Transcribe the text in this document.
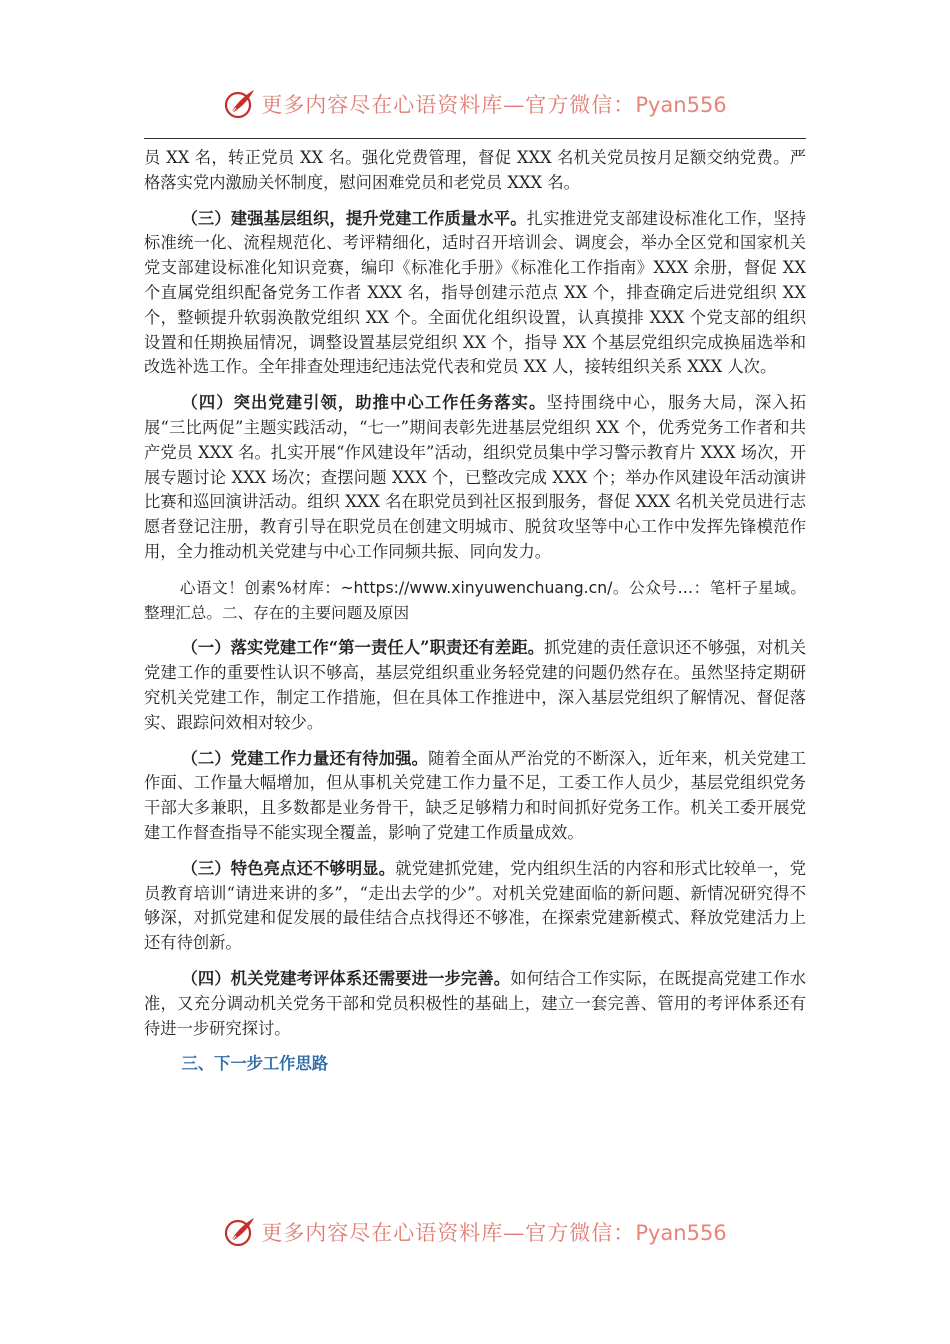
更多内容尽在心语资料库—官方微信：Pyan556

员 XX 名，转正党员 XX 名。强化党费管理，督促 XXX 名机关党员按月足额交纳党费。严格落实党内激励关怀制度，慰问困难党员和老党员 XXX 名。

（三）建强基层组织，提升党建工作质量水平。扎实推进党支部建设标准化工作，坚持标准统一化、流程规范化、考评精细化，适时召开培训会、调度会，举办全区党和国家机关党支部建设标准化知识竞赛，编印《标准化手册》《标准化工作指南》XXX 余册，督促 XX 个直属党组织配备党务工作者 XXX 名，指导创建示范点 XX 个，排查确定后进党组织 XX 个，整顿提升软弱涣散党组织 XX 个。全面优化组织设置，认真摸排 XXX 个党支部的组织设置和任期换届情况，调整设置基层党组织 XX 个，指导 XX 个基层党组织完成换届选举和改选补选工作。全年排查处理违纪违法党代表和党员 XX 人，接转组织关系 XXX 人次。

（四）突出党建引领，助推中心工作任务落实。坚持围绕中心，服务大局，深入拓展“三比两促”主题实践活动，“七一”期间表彰先进基层党组织 XX 个，优秀党务工作者和共产党员 XXX 名。扎实开展“作风建设年”活动，组织党员集中学习警示教育片 XXX 场次，开展专题讨论 XXX 场次；查摆问题 XXX 个，已整改完成 XXX 个；举办作风建设年活动演讲比赛和巡回演讲活动。组织 XXX 名在职党员到社区报到服务，督促 XXX 名机关党员进行志愿者登记注册，教育引导在职党员在创建文明城市、脱贫攻坚等中心工作中发挥先锋模范作用，全力推动机关党建与中心工作同频共振、同向发力。

心语文！创素%材库：~https://www.xinyuwenchuang.cn/。公众号…：笔杆子星域。整理汇总。二、存在的主要问题及原因

（一）落实党建工作“第一责任人”职责还有差距。抓党建的责任意识还不够强，对机关党建工作的重要性认识不够高，基层党组织重业务轻党建的问题仍然存在。虽然坚持定期研究机关党建工作，制定工作措施，但在具体工作推进中，深入基层党组织了解情况、督促落实、跟踪问效相对较少。

（二）党建工作力量还有待加强。随着全面从严治党的不断深入，近年来，机关党建工作面、工作量大幅增加，但从事机关党建工作力量不足，工委工作人员少，基层党组织党务干部大多兼职，且多数都是业务骨干，缺乏足够精力和时间抓好党务工作。机关工委开展党建工作督查指导不能实现全覆盖，影响了党建工作质量成效。

（三）特色亮点还不够明显。就党建抓党建，党内组织生活的内容和形式比较单一，党员教育培训“请进来讲的多”，“走出去学的少”。对机关党建面临的新问题、新情况研究得不够深，对抓党建和促发展的最佳结合点找得还不够准，在探索党建新模式、释放党建活力上还有待创新。

（四）机关党建考评体系还需要进一步完善。如何结合工作实际，在既提高党建工作水准，又充分调动机关党务干部和党员积极性的基础上，建立一套完善、管用的考评体系还有待进一步研究探讨。

三、下一步工作思路

更多内容尽在心语资料库—官方微信：Pyan556
